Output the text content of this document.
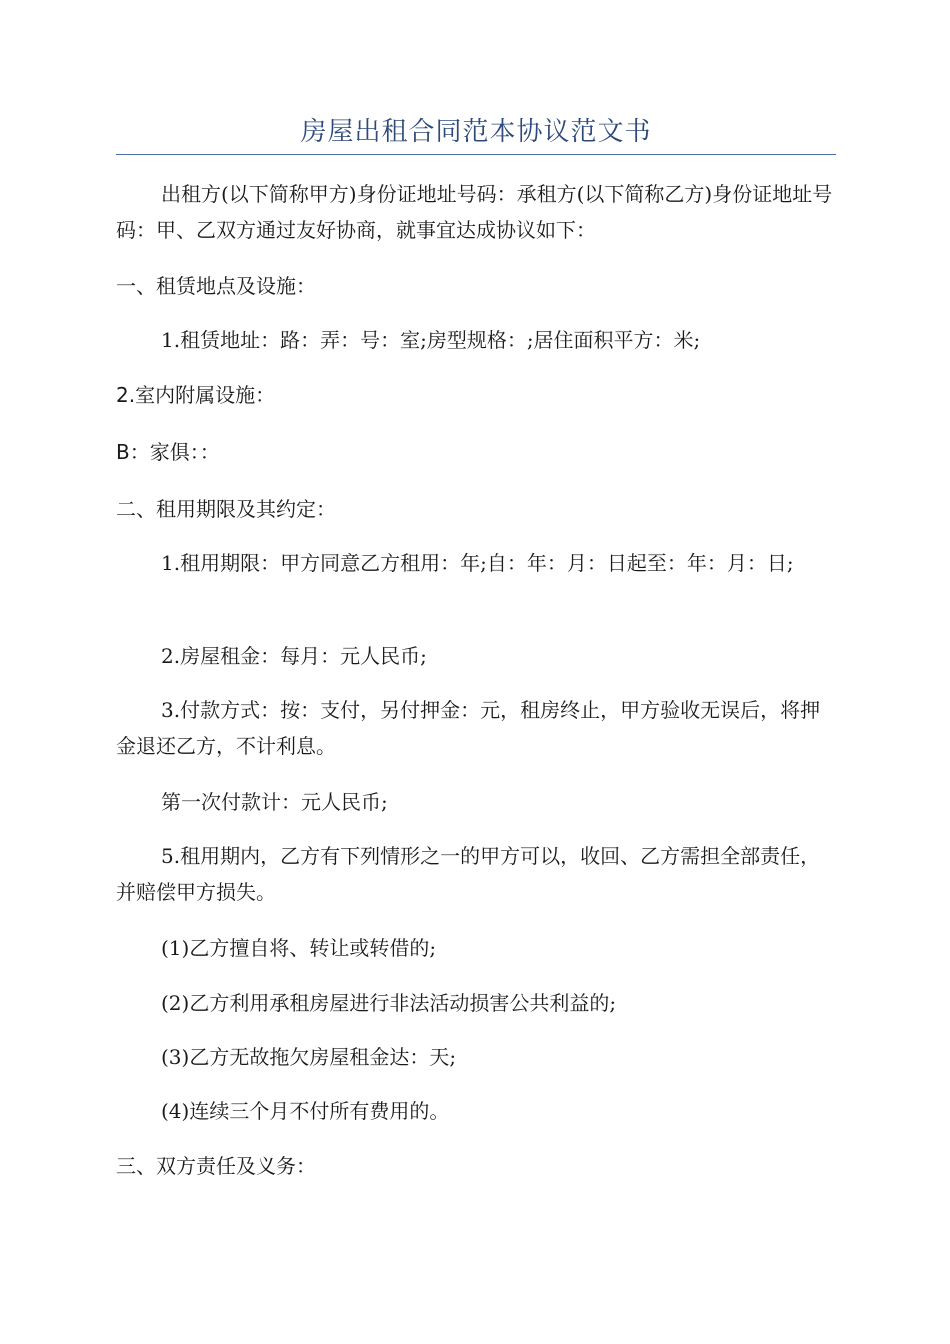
房屋出租合同范本协议范文书

出租方(以下简称甲方)身份证地址号码：承租方(以下简称乙方)身份证地址号码：甲、乙双方通过友好协商，就事宜达成协议如下：

一、租赁地点及设施：

1.租赁地址：路：弄：号：室;房型规格：;居住面积平方：米;

2.室内附属设施：

B：家俱：：

二、租用期限及其约定：

1.租用期限：甲方同意乙方租用：年;自：年：月：日起至：年：月：日;

2.房屋租金：每月：元人民币;

3.付款方式：按：支付，另付押金：元，租房终止，甲方验收无误后，将押金退还乙方，不计利息。

第一次付款计：元人民币;

5.租用期内，乙方有下列情形之一的甲方可以，收回、乙方需担全部责任，并赔偿甲方损失。

(1)乙方擅自将、转让或转借的;

(2)乙方利用承租房屋进行非法活动损害公共利益的;

(3)乙方无故拖欠房屋租金达：天;

(4)连续三个月不付所有费用的。

三、双方责任及义务：
